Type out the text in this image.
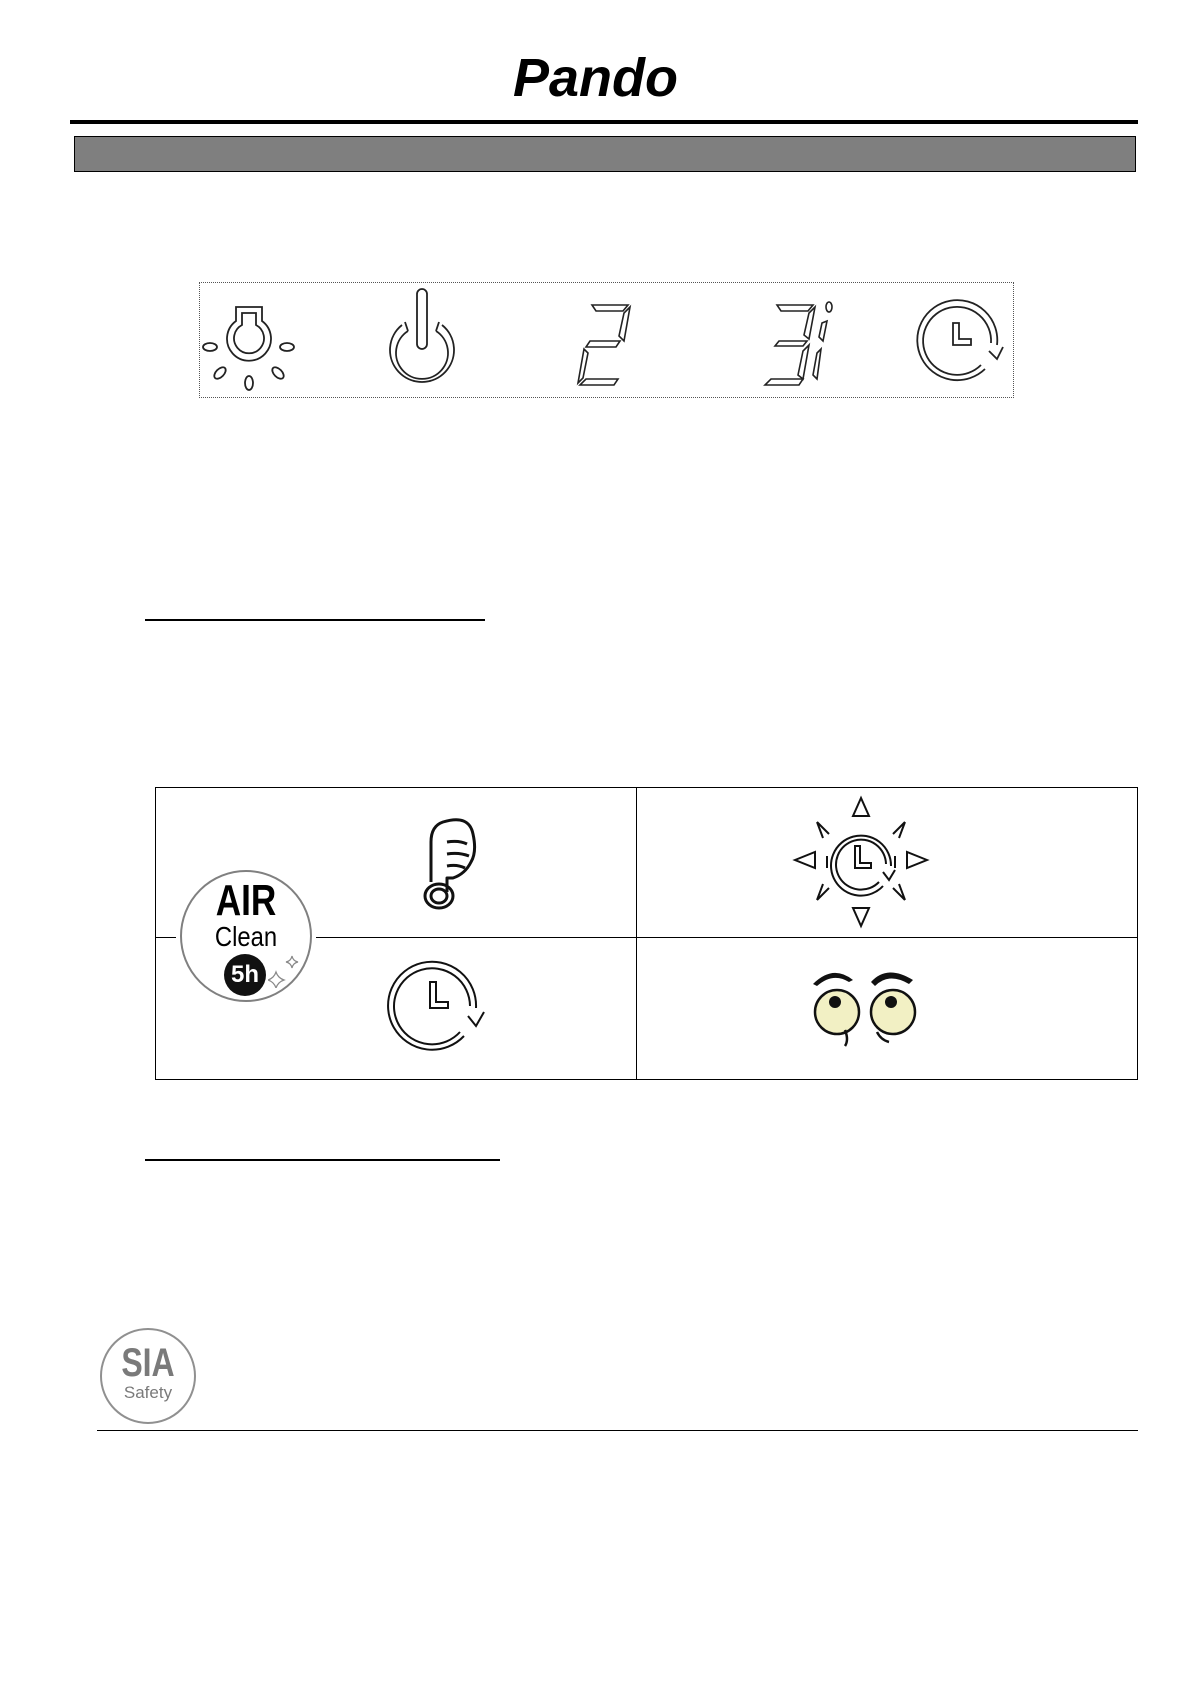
Pando
AIR
Clean
5h
SIA
Safety
